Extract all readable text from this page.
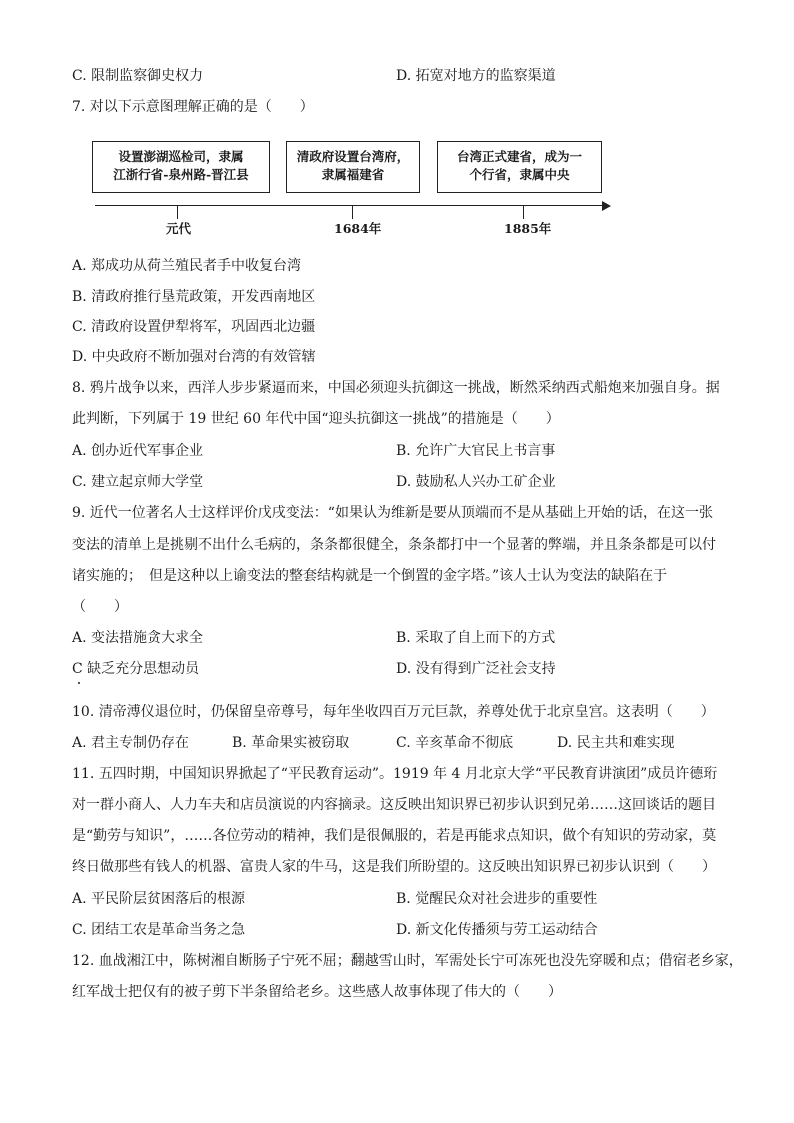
C. 限制监察御史权力	D. 拓宽对地方的监察渠道
7. 对以下示意图理解正确的是（　　）
设置澎湖巡检司，隶属
江浙行省-泉州路-晋江县
清政府设置台湾府，
隶属福建省
台湾正式建省，成为一
个行省，隶属中央
元代	1684年	1885年
A. 郑成功从荷兰殖民者手中收复台湾
B. 清政府推行垦荒政策，开发西南地区
C. 清政府设置伊犁将军，巩固西北边疆
D. 中央政府不断加强对台湾的有效管辖
8. 鸦片战争以来，西洋人步步紧逼而来，中国必须迎头抗御这一挑战，断然采纳西式船炮来加强自身。据
此判断，下列属于 19 世纪 60 年代中国“迎头抗御这一挑战”的措施是（　　）
A. 创办近代军事企业	B. 允许广大官民上书言事
C. 建立起京师大学堂	D. 鼓励私人兴办工矿企业
9. 近代一位著名人士这样评价戊戌变法：“如果认为维新是要从顶端而不是从基础上开始的话，在这一张
变法的清单上是挑剔不出什么毛病的，条条都很健全，条条都打中一个显著的弊端，并且条条都是可以付
诸实施的；　但是这种以上谕变法的整套结构就是一个倒置的金字塔。”该人士认为变法的缺陷在于
（　　）
A. 变法措施贪大求全	B. 采取了自上而下的方式
C 缺乏充分思想动员	D. 没有得到广泛社会支持
10. 清帝溥仪退位时，仍保留皇帝尊号，每年坐收四百万元巨款，养尊处优于北京皇宫。这表明（　　）
A. 君主专制仍存在	B. 革命果实被窃取	C. 辛亥革命不彻底	D. 民主共和难实现
11. 五四时期，中国知识界掀起了“平民教育运动”。1919 年 4 月北京大学“平民教育讲演团”成员许德珩
对一群小商人、人力车夫和店员演说的内容摘录。这反映出知识界已初步认识到兄弟……这回谈话的题目
是“勤劳与知识”，……各位劳动的精神，我们是很佩服的，若是再能求点知识，做个有知识的劳动家，莫
终日做那些有钱人的机器、富贵人家的牛马，这是我们所盼望的。这反映出知识界已初步认识到（　　）
A. 平民阶层贫困落后的根源	B. 觉醒民众对社会进步的重要性
C. 团结工农是革命当务之急	D. 新文化传播须与劳工运动结合
12. 血战湘江中，陈树湘自断肠子宁死不屈；翻越雪山时，军需处长宁可冻死也没先穿暖和点；借宿老乡家，
红军战士把仅有的被子剪下半条留给老乡。这些感人故事体现了伟大的（　　）
